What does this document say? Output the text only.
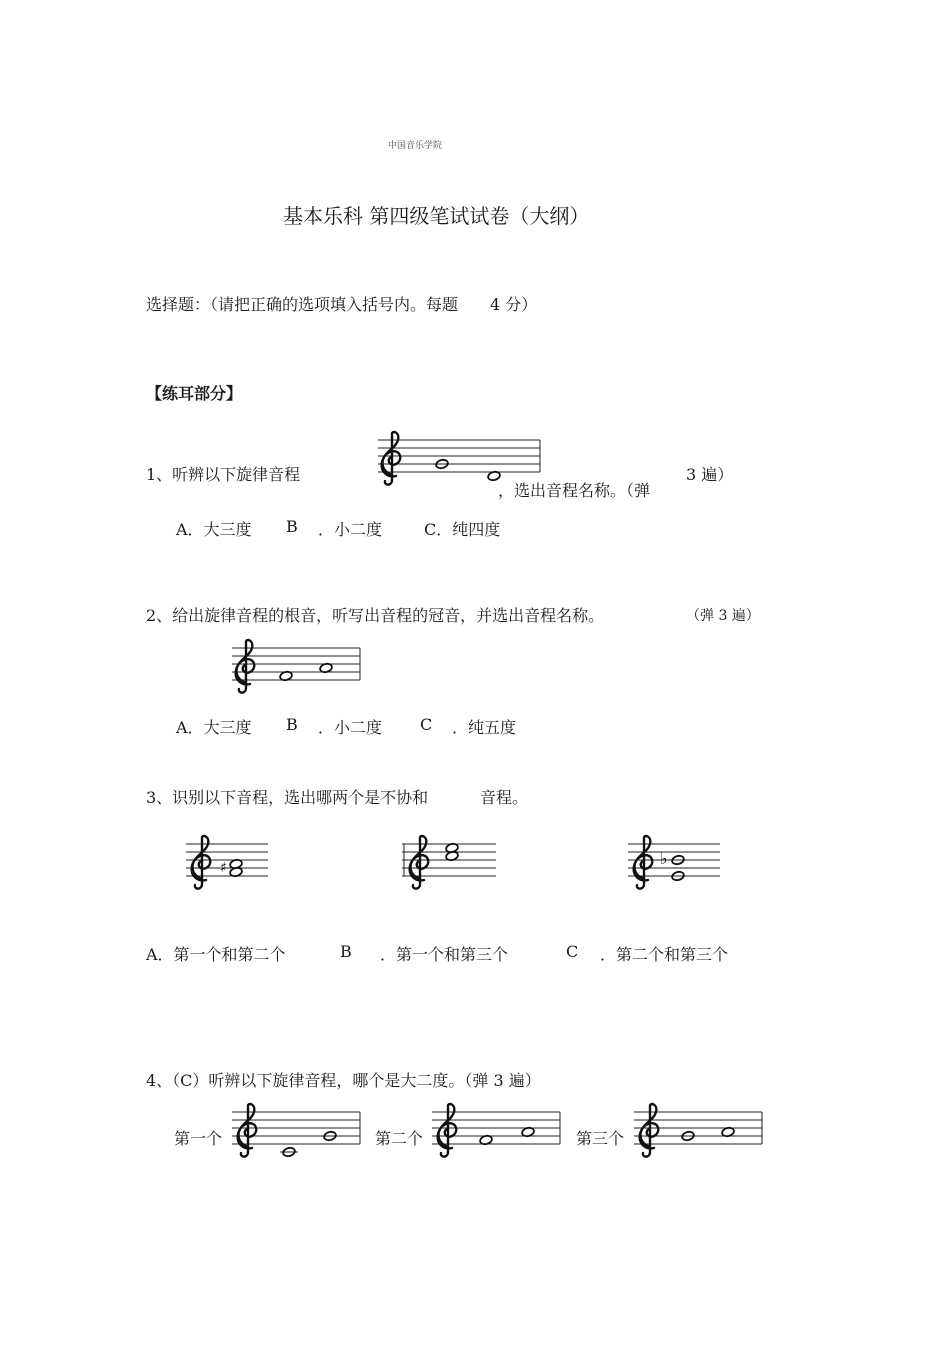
中国音乐学院
基本乐科 第四级笔试试卷（大纲）
选择题：（请把正确的选项填入括号内。每题　　4 分）
【练耳部分】
1、听辨以下旋律音程
，选出音程名称。（弹
3 遍）
A．大三度 B ．小二度	C．纯四度
2、给出旋律音程的根音，听写出音程的冠音，并选出音程名称。	（弹 3 遍）
A．大三度 B ．小二度 C ．纯五度
3、识别以下音程，选出哪两个是不协和	音程。
♯	♭
A．第一个和第二个	B ．第一个和第三个	C ．第二个和第三个
4、（C）听辨以下旋律音程，哪个是大二度。（弹 3 遍）
第一个	第二个	第三个
